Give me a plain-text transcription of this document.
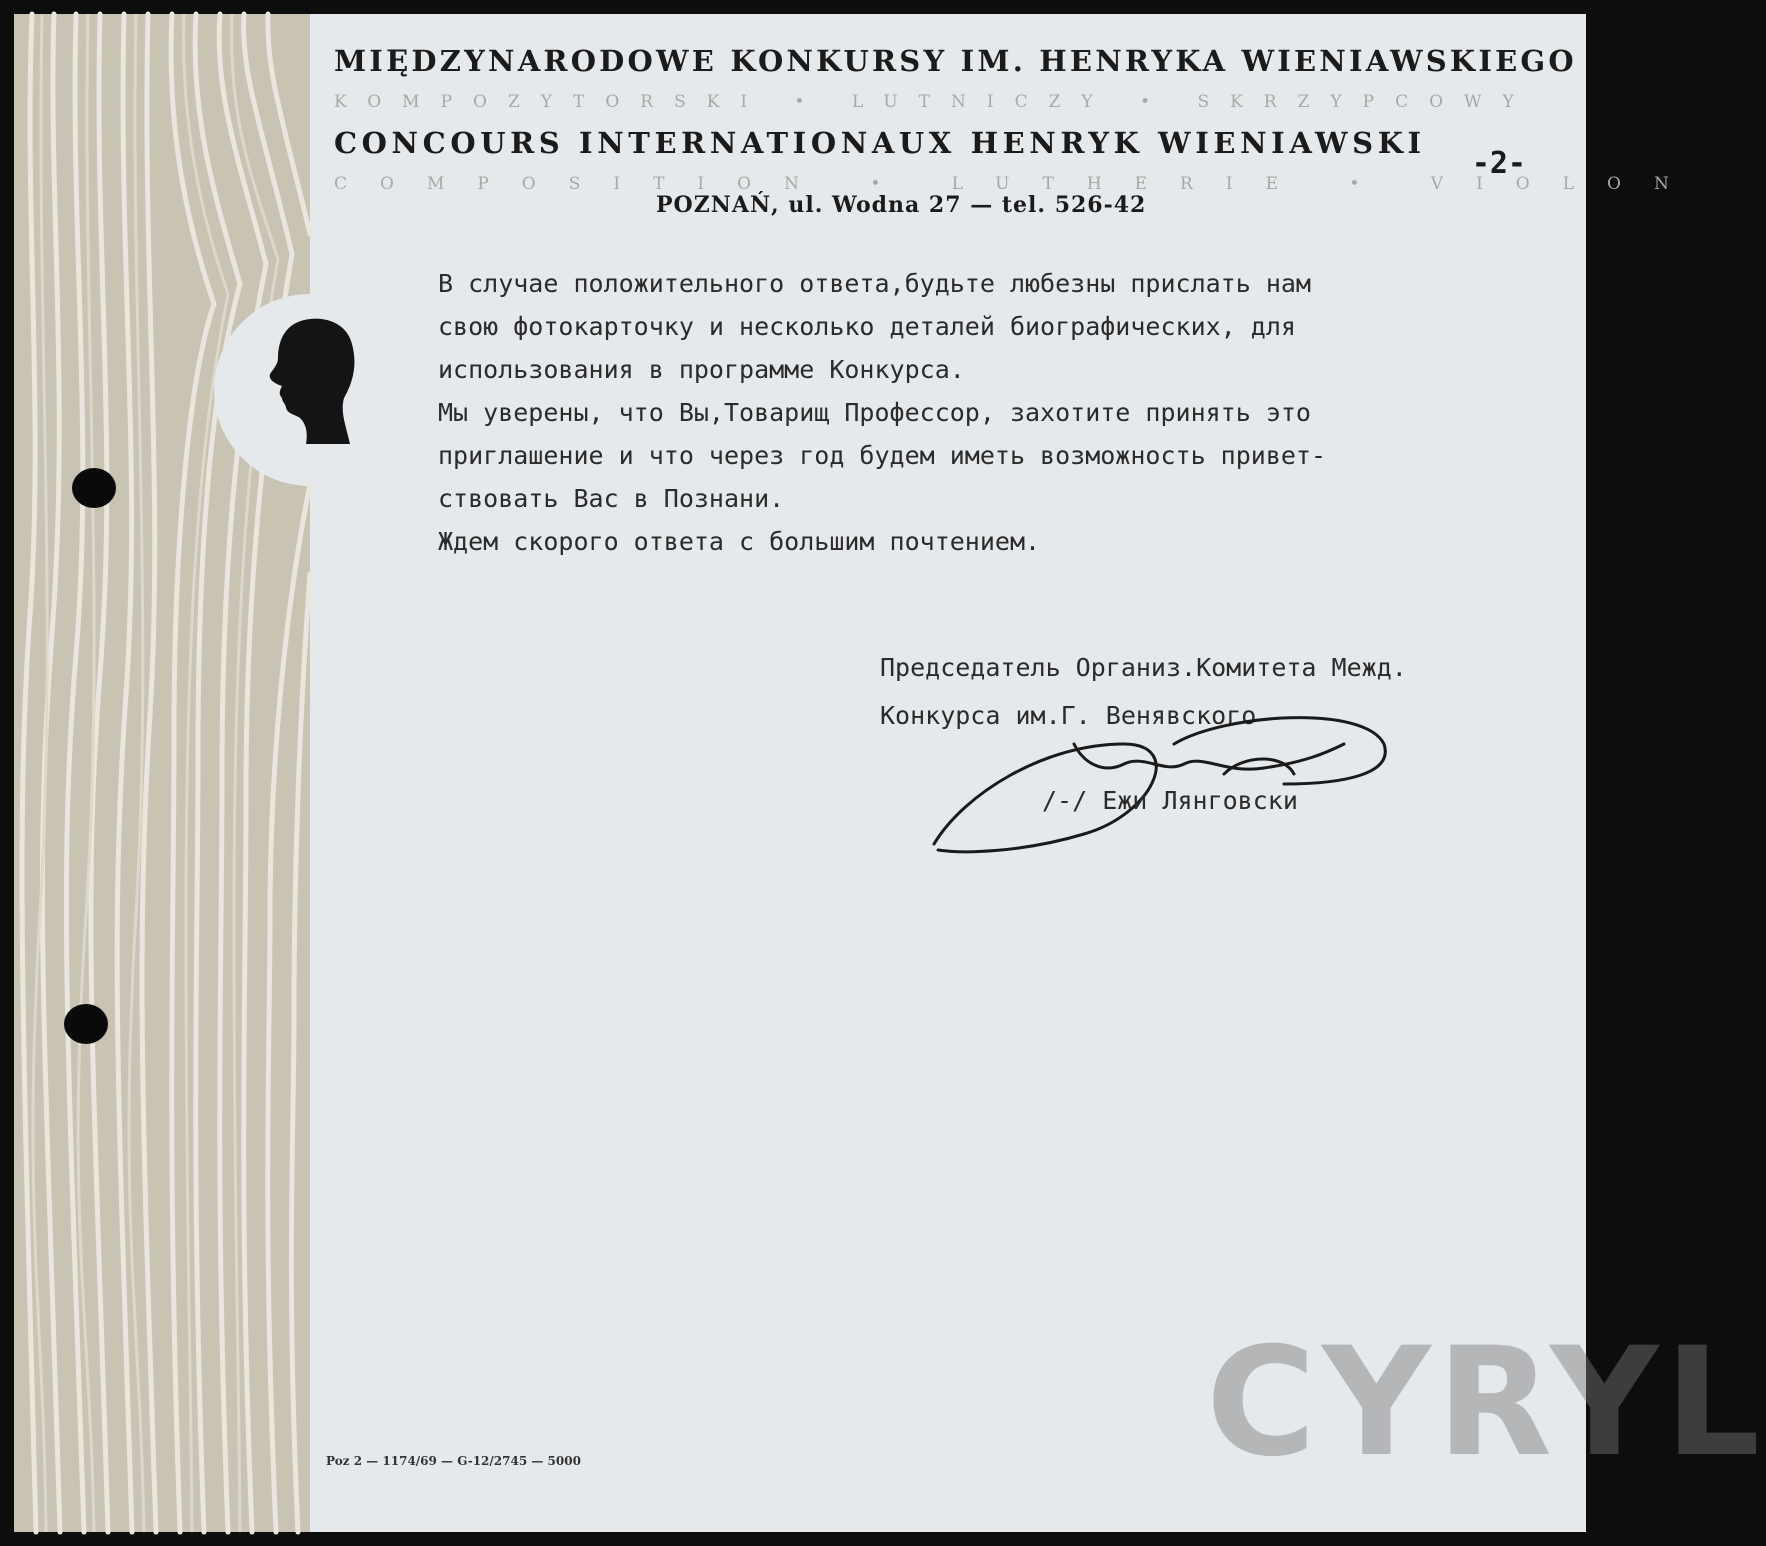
MIĘDZYNARODOWE KONKURSY IM. HENRYKA WIENIAWSKIEGO
KOMPOZYTORSKI • LUTNICZY • SKRZYPCOWY
CONCOURS INTERNATIONAUX HENRYK WIENIAWSKI
COMPOSITION • LUTHERIE • VIOLON
-2-
POZNAŃ, ul. Wodna 27 — tel. 526-42
В случае положительного ответа,будьте любезны прислать нам
свою фотокарточку и несколько деталей биографических, для
использования в программе Конкурса.
Мы уверены, что Вы,Товарищ Профессор, захотите принять это
приглашение и что через год будем иметь возможность привет-
ствовать Вас в Познани.
Ждем скорого ответа с большим почтением.
Председатель Организ.Комитета Межд.
Конкурса им.Г. Венявского
/-/ Ежи Лянговски
Poz 2 — 1174/69 — G-12/2745 — 5000	CYRYL
